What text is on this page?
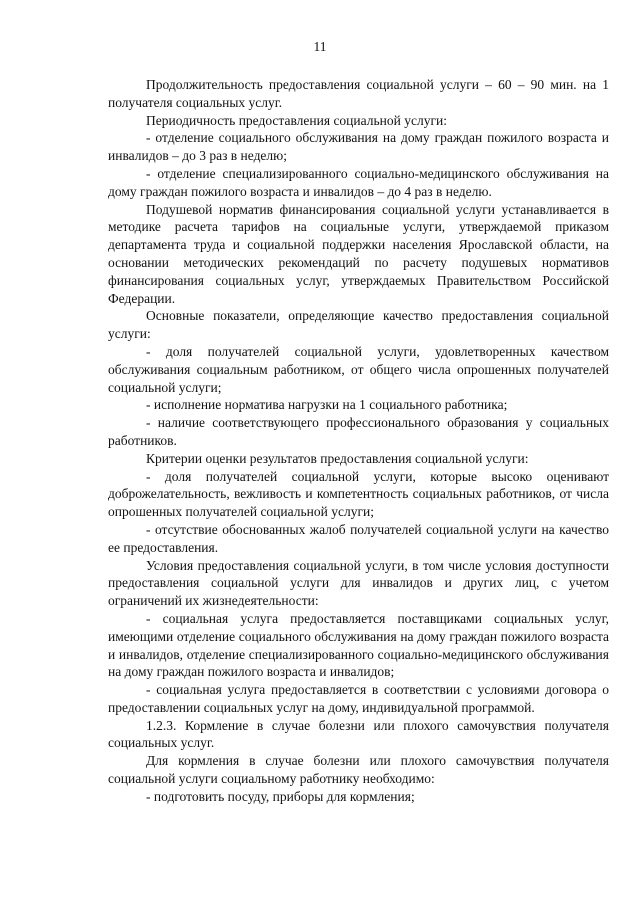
11

Продолжительность предоставления социальной услуги – 60 – 90 мин. на 1 получателя социальных услуг.

Периодичность предоставления социальной услуги:

- отделение социального обслуживания на дому граждан пожилого возраста и инвалидов – до 3 раз в неделю;

- отделение специализированного социально-медицинского обслуживания на дому граждан пожилого возраста и инвалидов – до 4 раз в неделю.

Подушевой норматив финансирования социальной услуги устанавливается в методике расчета тарифов на социальные услуги, утверждаемой приказом департамента труда и социальной поддержки населения Ярославской области, на основании методических рекомендаций по расчету подушевых нормативов финансирования социальных услуг, утверждаемых Правительством Российской Федерации.

Основные показатели, определяющие качество предоставления социальной услуги:

- доля получателей социальной услуги, удовлетворенных качеством обслуживания социальным работником, от общего числа опрошенных получателей социальной услуги;

- исполнение норматива нагрузки на 1 социального работника;

- наличие соответствующего профессионального образования у социальных работников.

Критерии оценки результатов предоставления социальной услуги:

- доля получателей социальной услуги, которые высоко оценивают доброжелательность, вежливость и компетентность социальных работников, от числа опрошенных получателей социальной услуги;

- отсутствие обоснованных жалоб получателей социальной услуги на качество ее предоставления.

Условия предоставления социальной услуги, в том числе условия доступности предоставления социальной услуги для инвалидов и других лиц, с учетом ограничений их жизнедеятельности:

- социальная услуга предоставляется поставщиками социальных услуг, имеющими отделение социального обслуживания на дому граждан пожилого возраста и инвалидов, отделение специализированного социально-медицинского обслуживания на дому граждан пожилого возраста и инвалидов;

- социальная услуга предоставляется в соответствии с условиями договора о предоставлении социальных услуг на дому, индивидуальной программой.

1.2.3. Кормление в случае болезни или плохого самочувствия получателя социальных услуг.

Для кормления в случае болезни или плохого самочувствия получателя социальной услуги социальному работнику необходимо:

- подготовить посуду, приборы для кормления;
